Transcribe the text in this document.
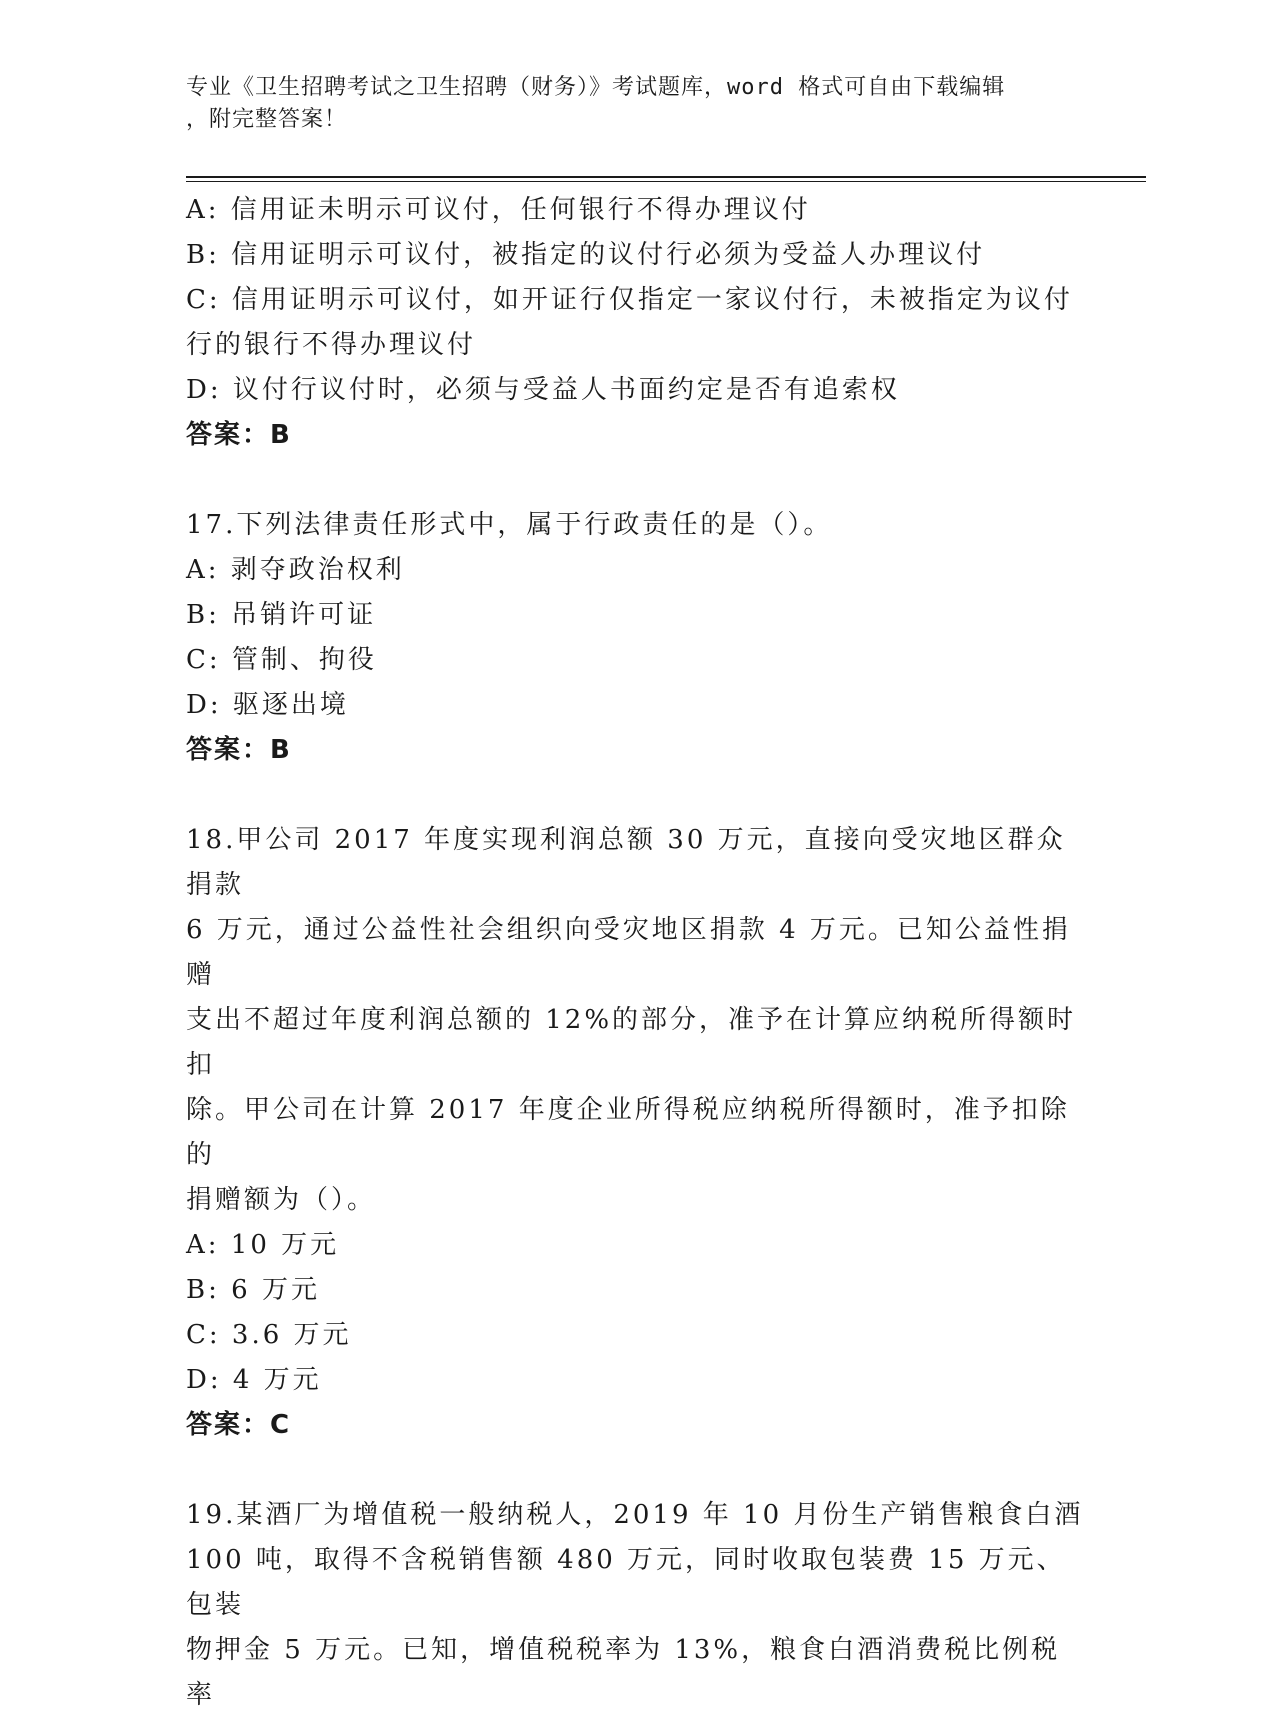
专业《卫生招聘考试之卫生招聘（财务）》考试题库，word 格式可自由下载编辑
，附完整答案！
A: 信用证未明示可议付，任何银行不得办理议付
B: 信用证明示可议付，被指定的议付行必须为受益人办理议付
C: 信用证明示可议付，如开证行仅指定一家议付行，未被指定为议付
行的银行不得办理议付
D: 议付行议付时，必须与受益人书面约定是否有追索权
答案：B
17.下列法律责任形式中，属于行政责任的是（）。
A: 剥夺政治权利
B: 吊销许可证
C: 管制、拘役
D: 驱逐出境
答案：B
18.甲公司 2017 年度实现利润总额 30 万元，直接向受灾地区群众捐款
6 万元，通过公益性社会组织向受灾地区捐款 4 万元。已知公益性捐赠
支出不超过年度利润总额的 12%的部分，准予在计算应纳税所得额时扣
除。甲公司在计算 2017 年度企业所得税应纳税所得额时，准予扣除的
捐赠额为（）。
A: 10 万元
B: 6 万元
C: 3.6 万元
D: 4 万元
答案：C
19.某酒厂为增值税一般纳税人，2019 年 10 月份生产销售粮食白酒
100 吨，取得不含税销售额 480 万元，同时收取包装费 15 万元、包装
物押金 5 万元。已知，增值税税率为 13%，粮食白酒消费税比例税率
